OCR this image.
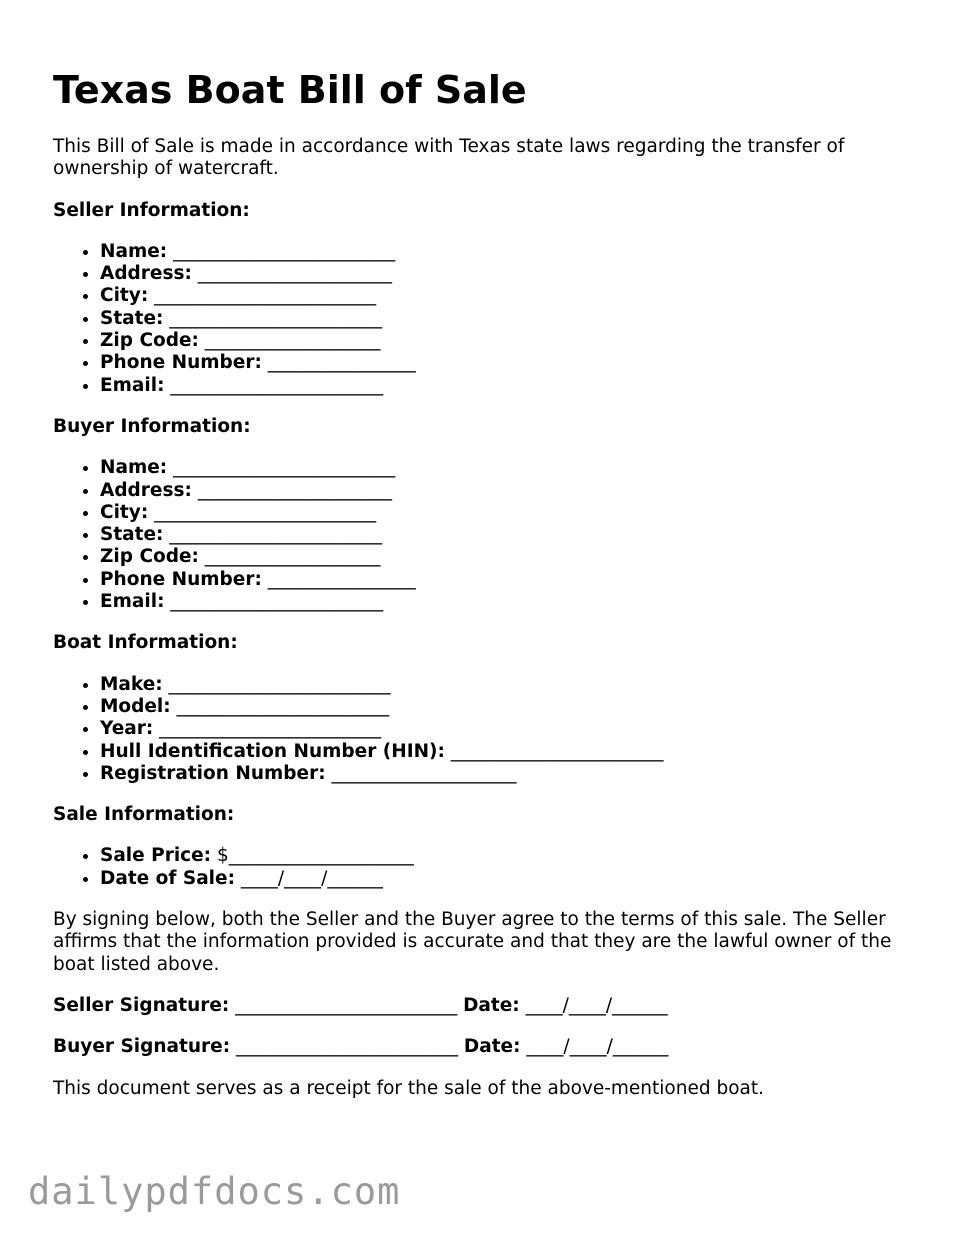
Texas Boat Bill of Sale

This Bill of Sale is made in accordance with Texas state laws regarding the transfer of ownership of watercraft.

Seller Information:
• Name: ________________________
• Address: _____________________
• City: ________________________
• State: _______________________
• Zip Code: ___________________
• Phone Number: ________________
• Email: _______________________
Buyer Information:
• Name: ________________________
• Address: _____________________
• City: ________________________
• State: _______________________
• Zip Code: ___________________
• Phone Number: ________________
• Email: _______________________
Boat Information:
• Make: ________________________
• Model: _______________________
• Year: ________________________
• Hull Identification Number (HIN): _______________________
• Registration Number: ____________________
Sale Information:
• Sale Price: $____________________
• Date of Sale: ____/____/______

By signing below, both the Seller and the Buyer agree to the terms of this sale. The Seller affirms that the information provided is accurate and that they are the lawful owner of the boat listed above.

Seller Signature: ________________________ Date: ____/____/______
Buyer Signature: ________________________ Date: ____/____/______

This document serves as a receipt for the sale of the above-mentioned boat.

dailypdfdocs.com
